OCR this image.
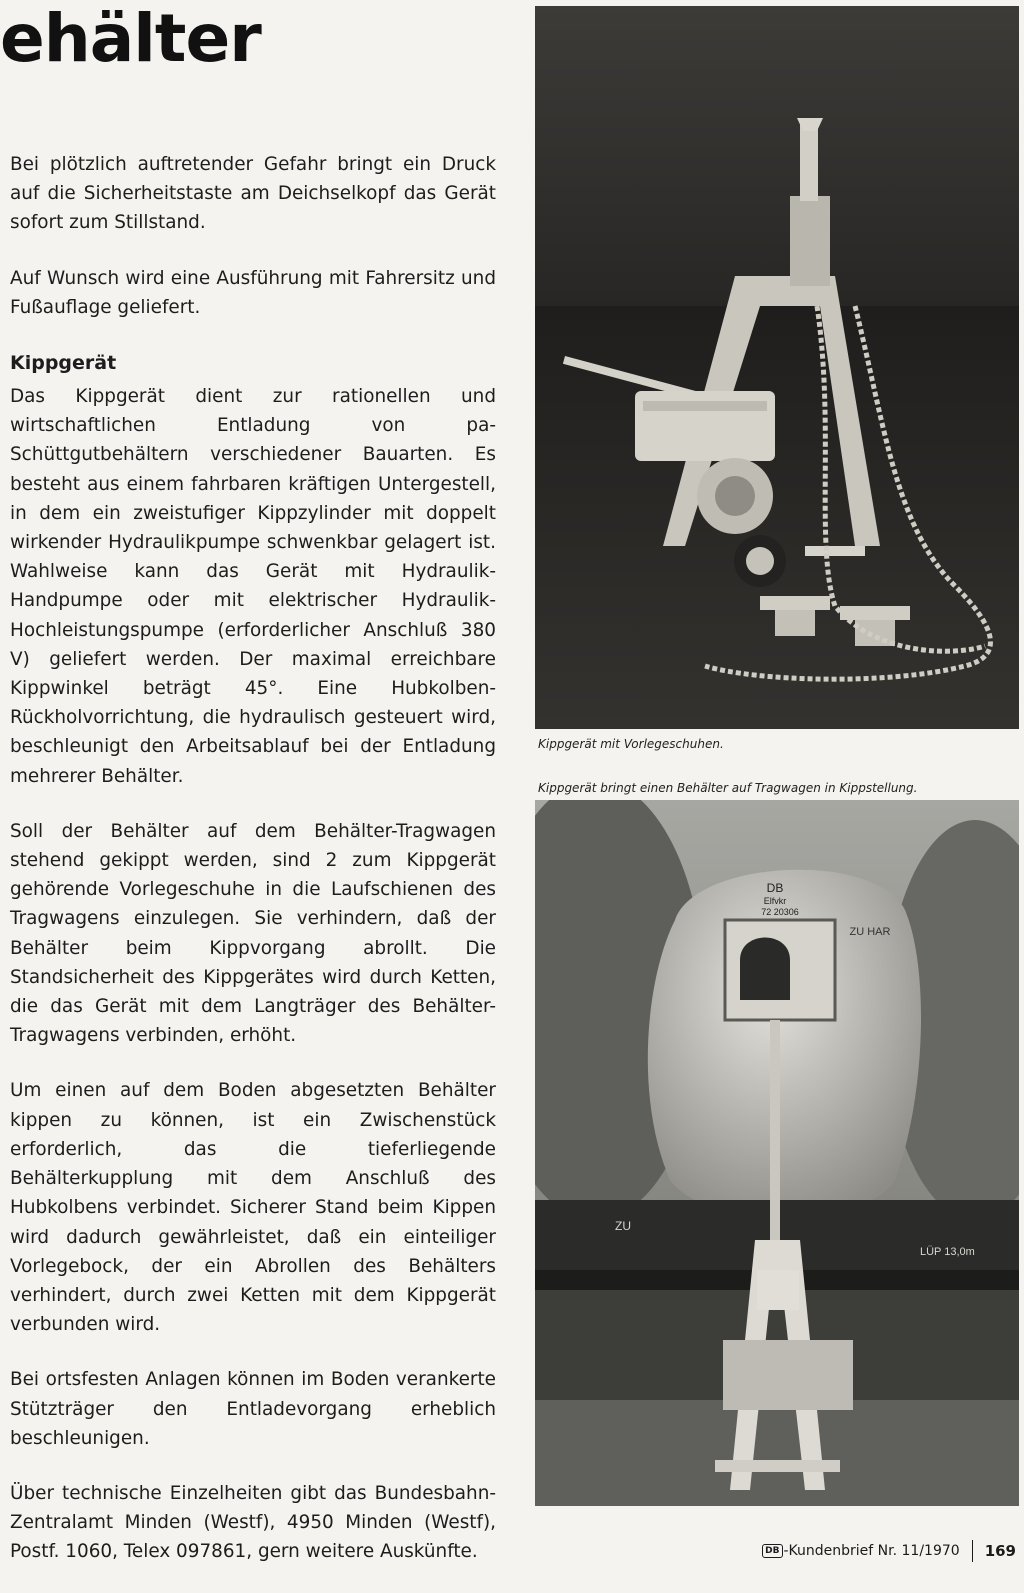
ehälter

Bei plötzlich auftretender Gefahr bringt ein Druck auf die Sicherheitstaste am Deichselkopf das Gerät sofort zum Stillstand.

Auf Wunsch wird eine Ausführung mit Fahrersitz und Fußauflage geliefert.

Kippgerät

Das Kippgerät dient zur rationellen und wirtschaftlichen Entladung von pa-Schüttgutbehältern verschiedener Bauarten. Es besteht aus einem fahrbaren kräftigen Untergestell, in dem ein zweistufiger Kippzylinder mit doppelt wirkender Hydraulikpumpe schwenkbar gelagert ist. Wahlweise kann das Gerät mit Hydraulik-Handpumpe oder mit elektrischer Hydraulik-Hochleistungspumpe (erforderlicher Anschluß 380 V) geliefert werden. Der maximal erreichbare Kippwinkel beträgt 45°. Eine Hubkolben-Rückholvorrichtung, die hydraulisch gesteuert wird, beschleunigt den Arbeitsablauf bei der Entladung mehrerer Behälter.

Soll der Behälter auf dem Behälter-Tragwagen stehend gekippt werden, sind 2 zum Kippgerät gehörende Vorlegeschuhe in die Laufschienen des Tragwagens einzulegen. Sie verhindern, daß der Behälter beim Kippvorgang abrollt. Die Standsicherheit des Kippgerätes wird durch Ketten, die das Gerät mit dem Langträger des Behälter-Tragwagens verbinden, erhöht.

Um einen auf dem Boden abgesetzten Behälter kippen zu können, ist ein Zwischenstück erforderlich, das die tieferliegende Behälterkupplung mit dem Anschluß des Hubkolbens verbindet. Sicherer Stand beim Kippen wird dadurch gewährleistet, daß ein einteiliger Vorlegebock, der ein Abrollen des Behälters verhindert, durch zwei Ketten mit dem Kippgerät verbunden wird.

Bei ortsfesten Anlagen können im Boden verankerte Stützträger den Entladevorgang erheblich beschleunigen.

Über technische Einzelheiten gibt das Bundesbahn-Zentralamt Minden (Westf), 4950 Minden (Westf), Postf. 1060, Telex 097861, gern weitere Auskünfte.

Kippgerät mit Vorlegeschuhen.
Kippgerät bringt einen Behälter auf Tragwagen in Kippstellung.
DB
Elfvkr
72 20306
ZU HAR
LÜP 13,0m
ZU
DB -Kundenbrief Nr. 11/1970 169
